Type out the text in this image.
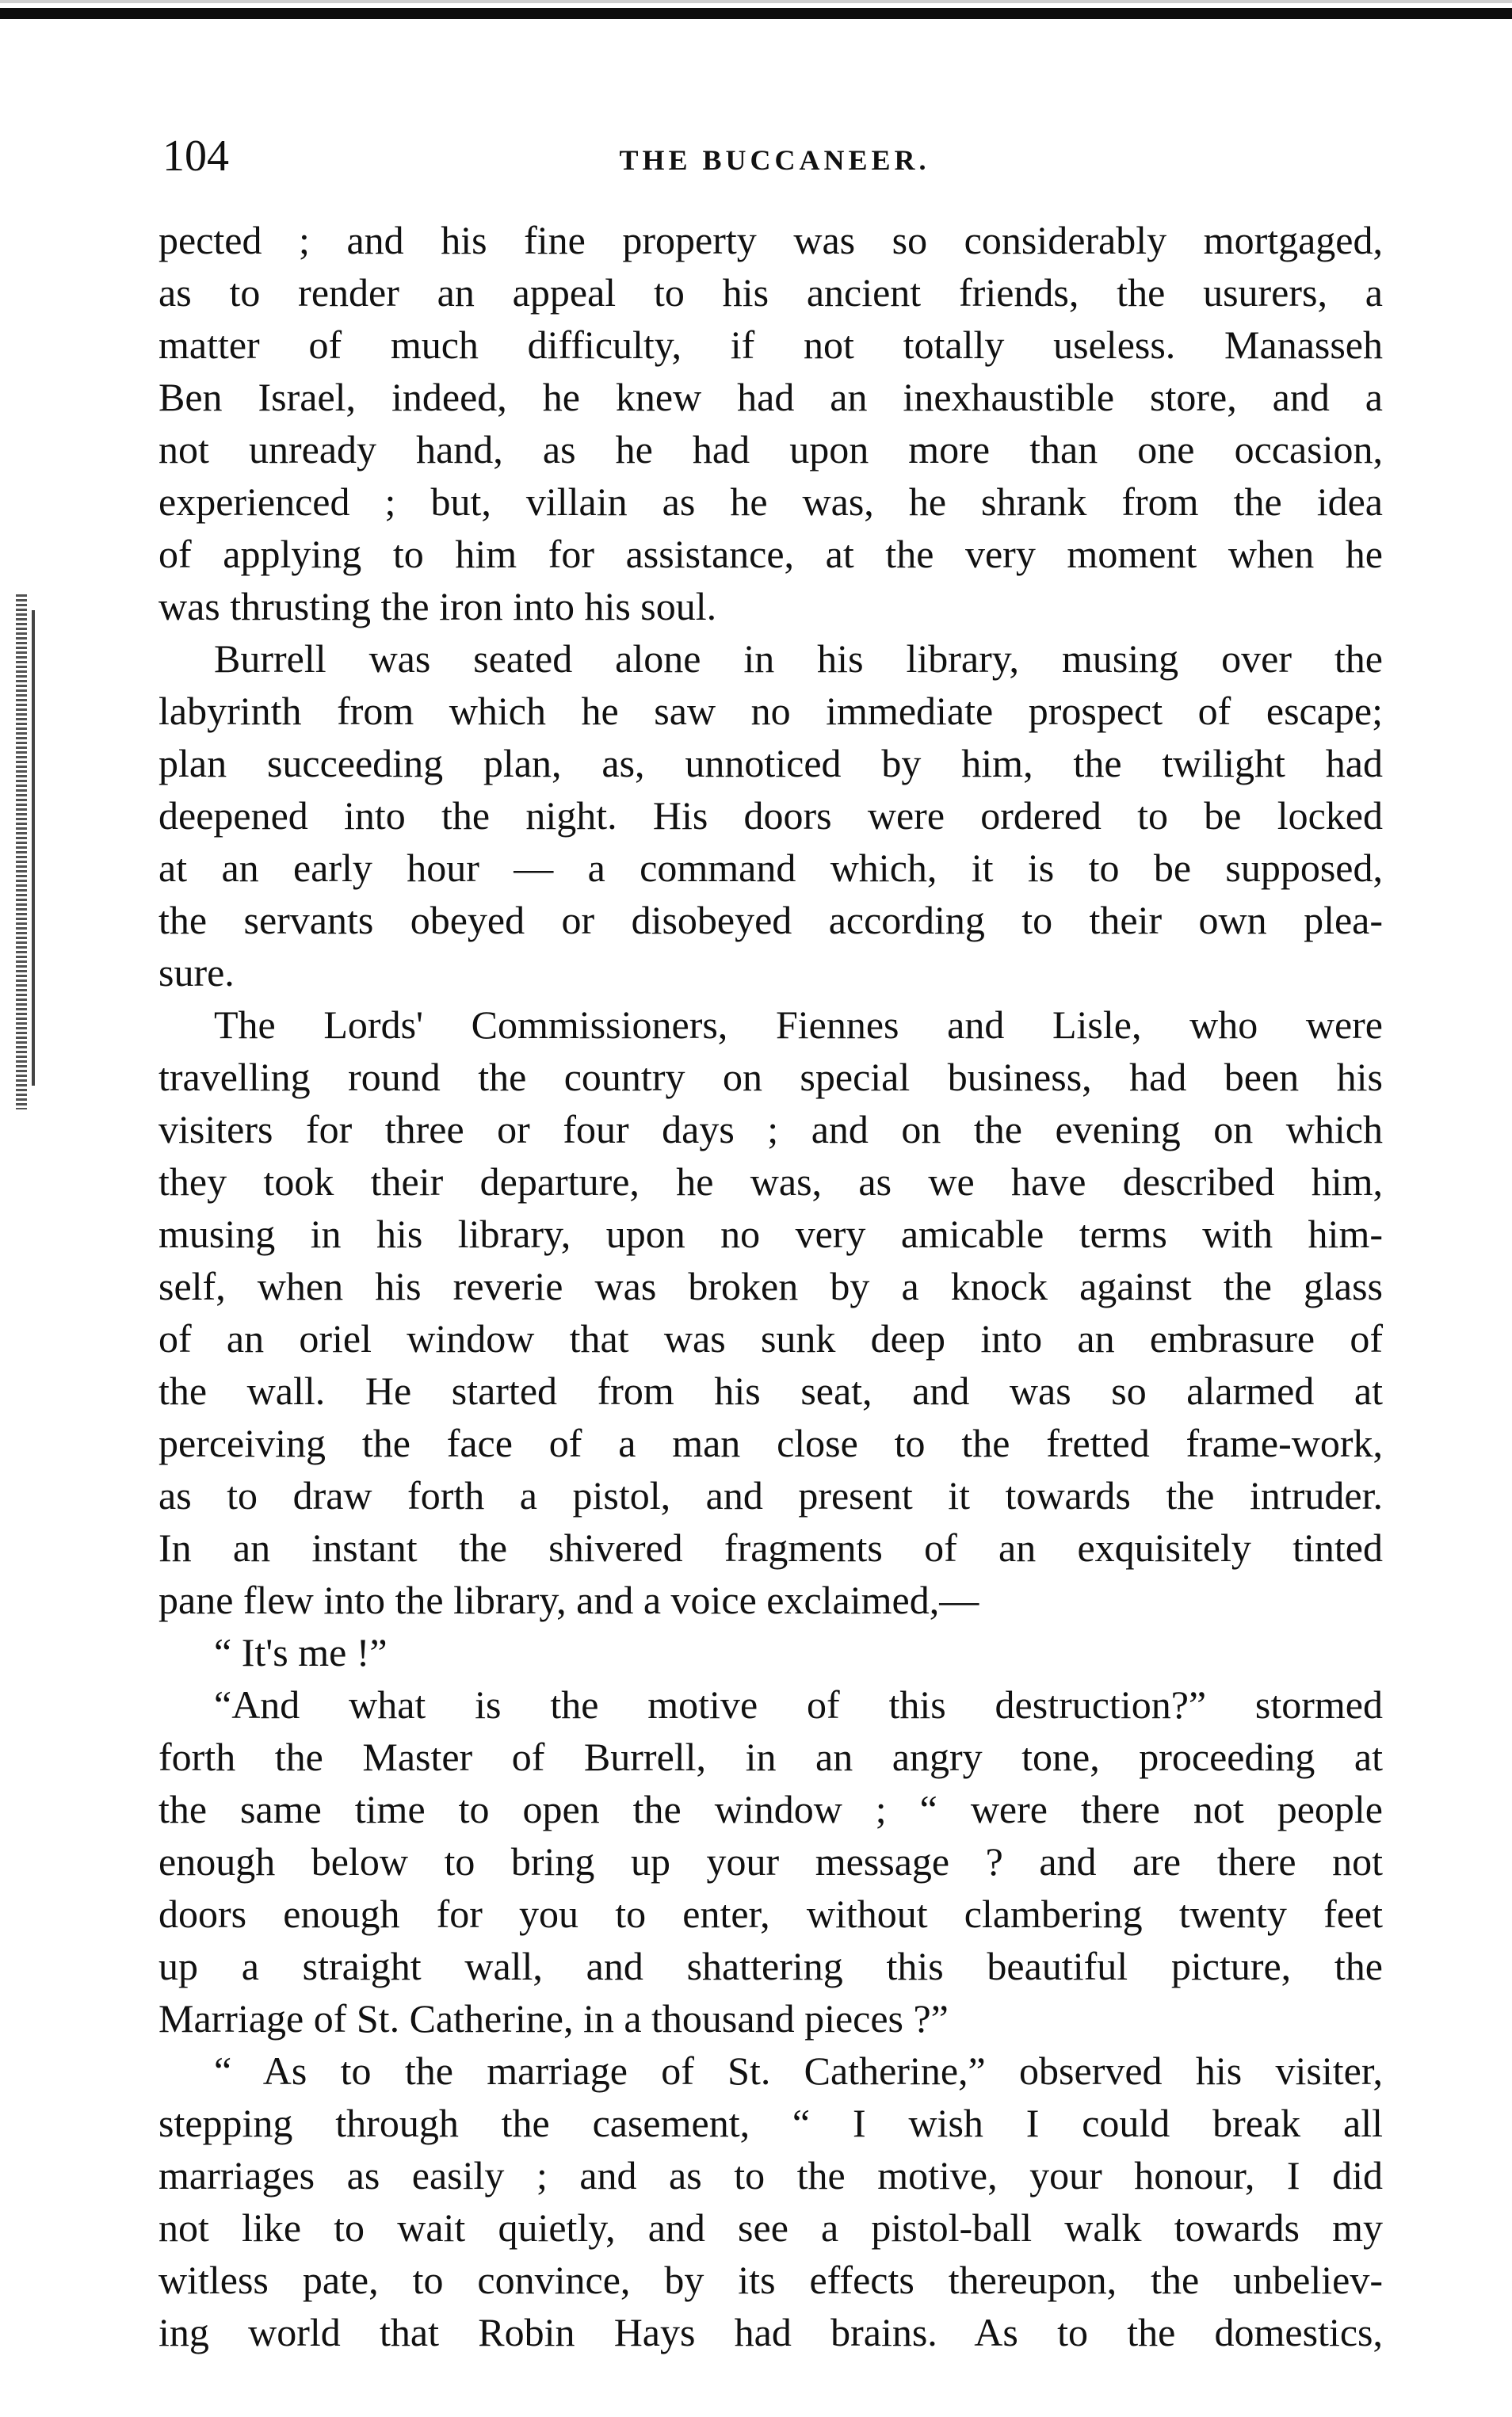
104	THE BUCCANEER.
pected ; and his fine property was so considerably mortgaged,
as to render an appeal to his ancient friends, the usurers, a
matter of much difficulty, if not totally useless. Manasseh
Ben Israel, indeed, he knew had an inexhaustible store, and a
not unready hand, as he had upon more than one occasion,
experienced ; but, villain as he was, he shrank from the idea
of applying to him for assistance, at the very moment when he
was thrusting the iron into his soul.
Burrell was seated alone in his library, musing over the
labyrinth from which he saw no immediate prospect of escape;
plan succeeding plan, as, unnoticed by him, the twilight had
deepened into the night. His doors were ordered to be locked
at an early hour — a command which, it is to be supposed,
the servants obeyed or disobeyed according to their own plea-
sure.
The Lords' Commissioners, Fiennes and Lisle, who were
travelling round the country on special business, had been his
visiters for three or four days ; and on the evening on which
they took their departure, he was, as we have described him,
musing in his library, upon no very amicable terms with him-
self, when his reverie was broken by a knock against the glass
of an oriel window that was sunk deep into an embrasure of
the wall. He started from his seat, and was so alarmed at
perceiving the face of a man close to the fretted frame-work,
as to draw forth a pistol, and present it towards the intruder.
In an instant the shivered fragments of an exquisitely tinted
pane flew into the library, and a voice exclaimed,—
“ It's me !”
“And what is the motive of this destruction?” stormed
forth the Master of Burrell, in an angry tone, proceeding at
the same time to open the window ; “ were there not people
enough below to bring up your message ? and are there not
doors enough for you to enter, without clambering twenty feet
up a straight wall, and shattering this beautiful picture, the
Marriage of St. Catherine, in a thousand pieces ?”
“ As to the marriage of St. Catherine,” observed his visiter,
stepping through the casement, “ I wish I could break all
marriages as easily ; and as to the motive, your honour, I did
not like to wait quietly, and see a pistol-ball walk towards my
witless pate, to convince, by its effects thereupon, the unbeliev-
ing world that Robin Hays had brains. As to the domestics,
